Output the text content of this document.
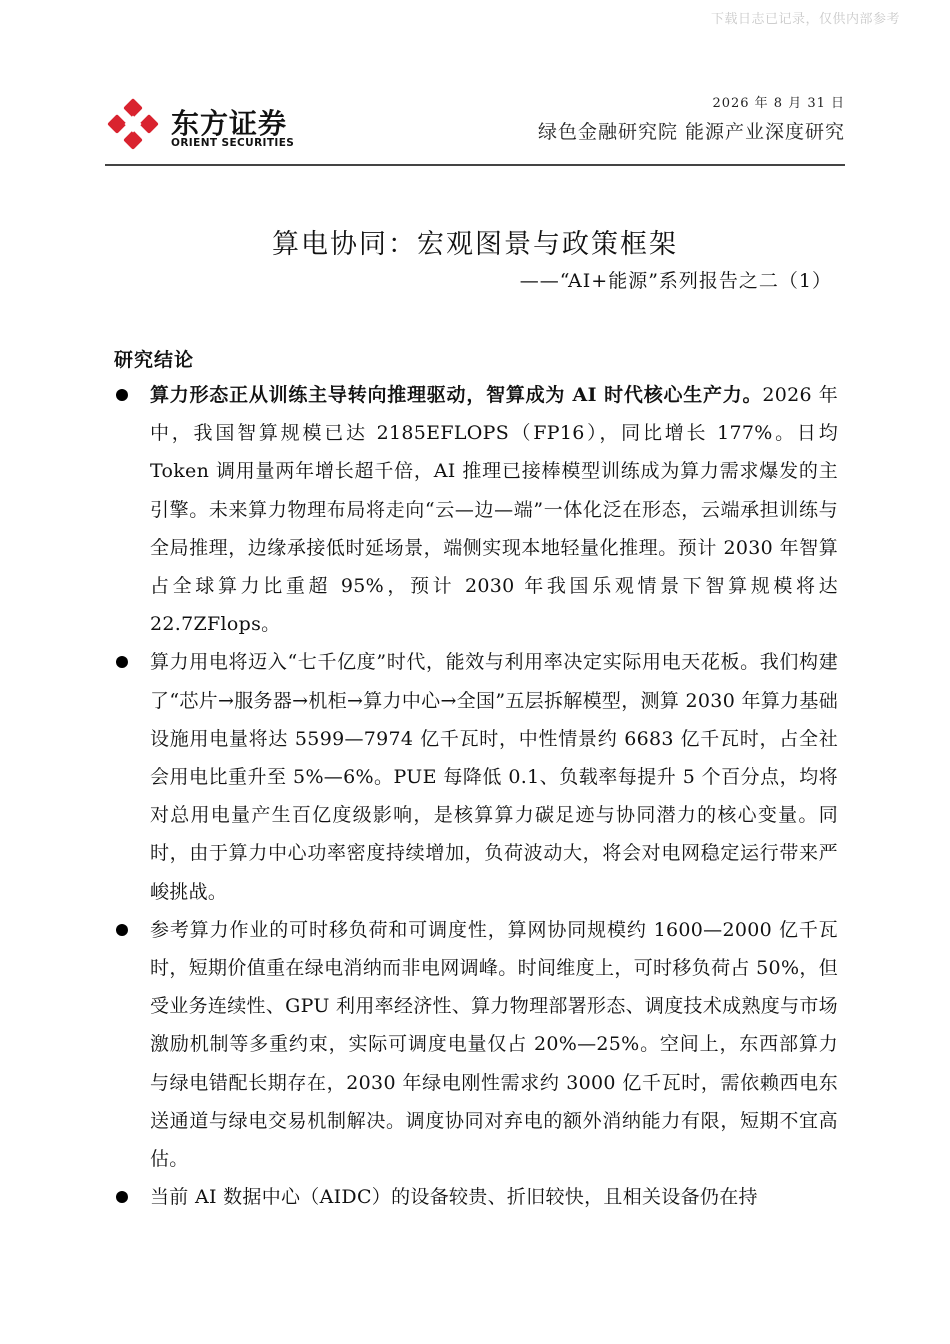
下载日志已记录，仅供内部参考
东方证券
ORIENT SECURITIES
2026 年 8 月 31 日
绿色金融研究院 能源产业深度研究
算电协同：宏观图景与政策框架
——“AI+能源”系列报告之二（1）
研究结论
算力形态正从训练主导转向推理驱动，智算成为 AI 时代核心生产力。2026 年中，我国智算规模已达 2185EFLOPS（FP16），同比增长 177%。日均 Token 调用量两年增长超千倍，AI 推理已接棒模型训练成为算力需求爆发的主引擎。未来算力物理布局将走向“云—边—端”一体化泛在形态，云端承担训练与全局推理，边缘承接低时延场景，端侧实现本地轻量化推理。预计 2030 年智算占全球算力比重超 95%，预计 2030 年我国乐观情景下智算规模将达 22.7ZFlops。
算力用电将迈入“七千亿度”时代，能效与利用率决定实际用电天花板。我们构建了“芯片→服务器→机柜→算力中心→全国”五层拆解模型，测算 2030 年算力基础设施用电量将达 5599—7974 亿千瓦时，中性情景约 6683 亿千瓦时，占全社会用电比重升至 5%—6%。PUE 每降低 0.1、负载率每提升 5 个百分点，均将对总用电量产生百亿度级影响，是核算算力碳足迹与协同潜力的核心变量。同时，由于算力中心功率密度持续增加，负荷波动大，将会对电网稳定运行带来严峻挑战。
参考算力作业的可时移负荷和可调度性，算网协同规模约 1600—2000 亿千瓦时，短期价值重在绿电消纳而非电网调峰。时间维度上，可时移负荷占 50%，但受业务连续性、GPU 利用率经济性、算力物理部署形态、调度技术成熟度与市场激励机制等多重约束，实际可调度电量仅占 20%—25%。空间上，东西部算力与绿电错配长期存在，2030 年绿电刚性需求约 3000 亿千瓦时，需依赖西电东送通道与绿电交易机制解决。调度协同对弃电的额外消纳能力有限，短期不宜高估。
当前 AI 数据中心（AIDC）的设备较贵、折旧较快，且相关设备仍在持
